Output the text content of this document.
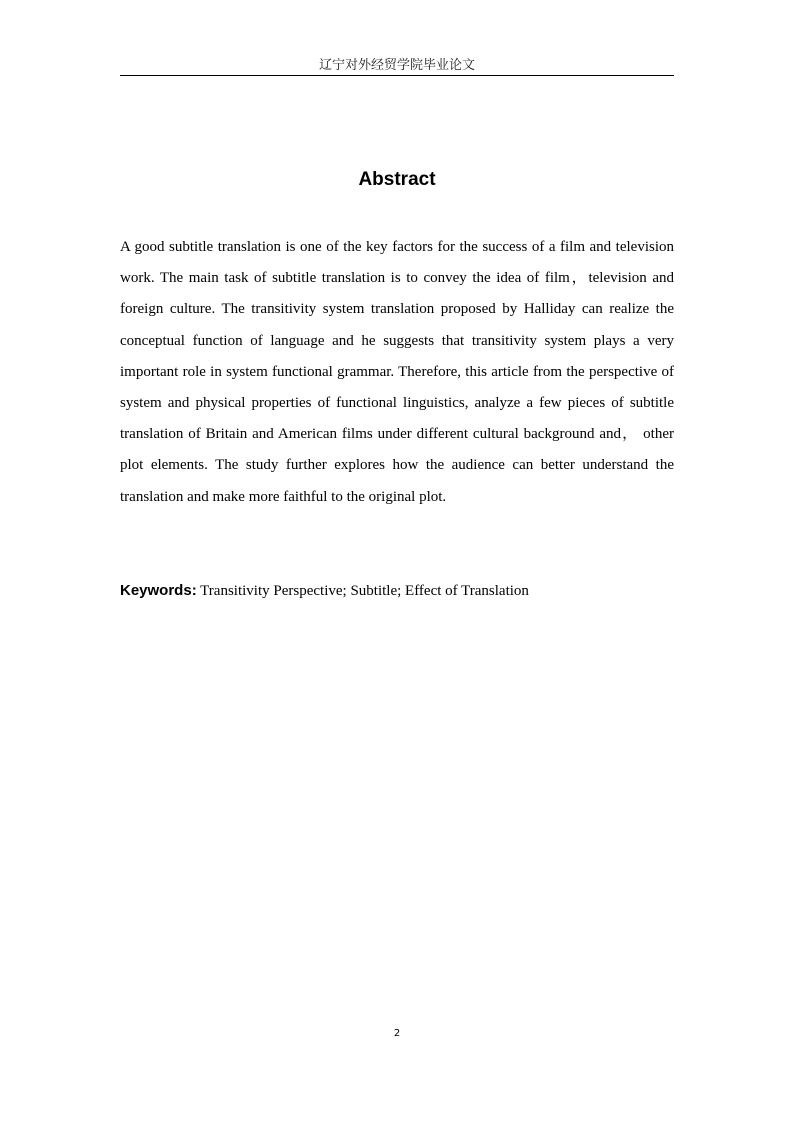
辽宁对外经贸学院毕业论文
Abstract

A good subtitle translation is one of the key factors for the success of a film and television work. The main task of subtitle translation is to convey the idea of film，television and foreign culture. The transitivity system translation proposed by Halliday can realize the conceptual function of language and he suggests that transitivity system plays a very important role in system functional grammar. Therefore, this article from the perspective of system and physical properties of functional linguistics, analyze a few pieces of subtitle translation of Britain and American films under different cultural background and， other plot elements. The study further explores how the audience can better understand the translation and make more faithful to the original plot.

Keywords: Transitivity Perspective; Subtitle; Effect of Translation

2
